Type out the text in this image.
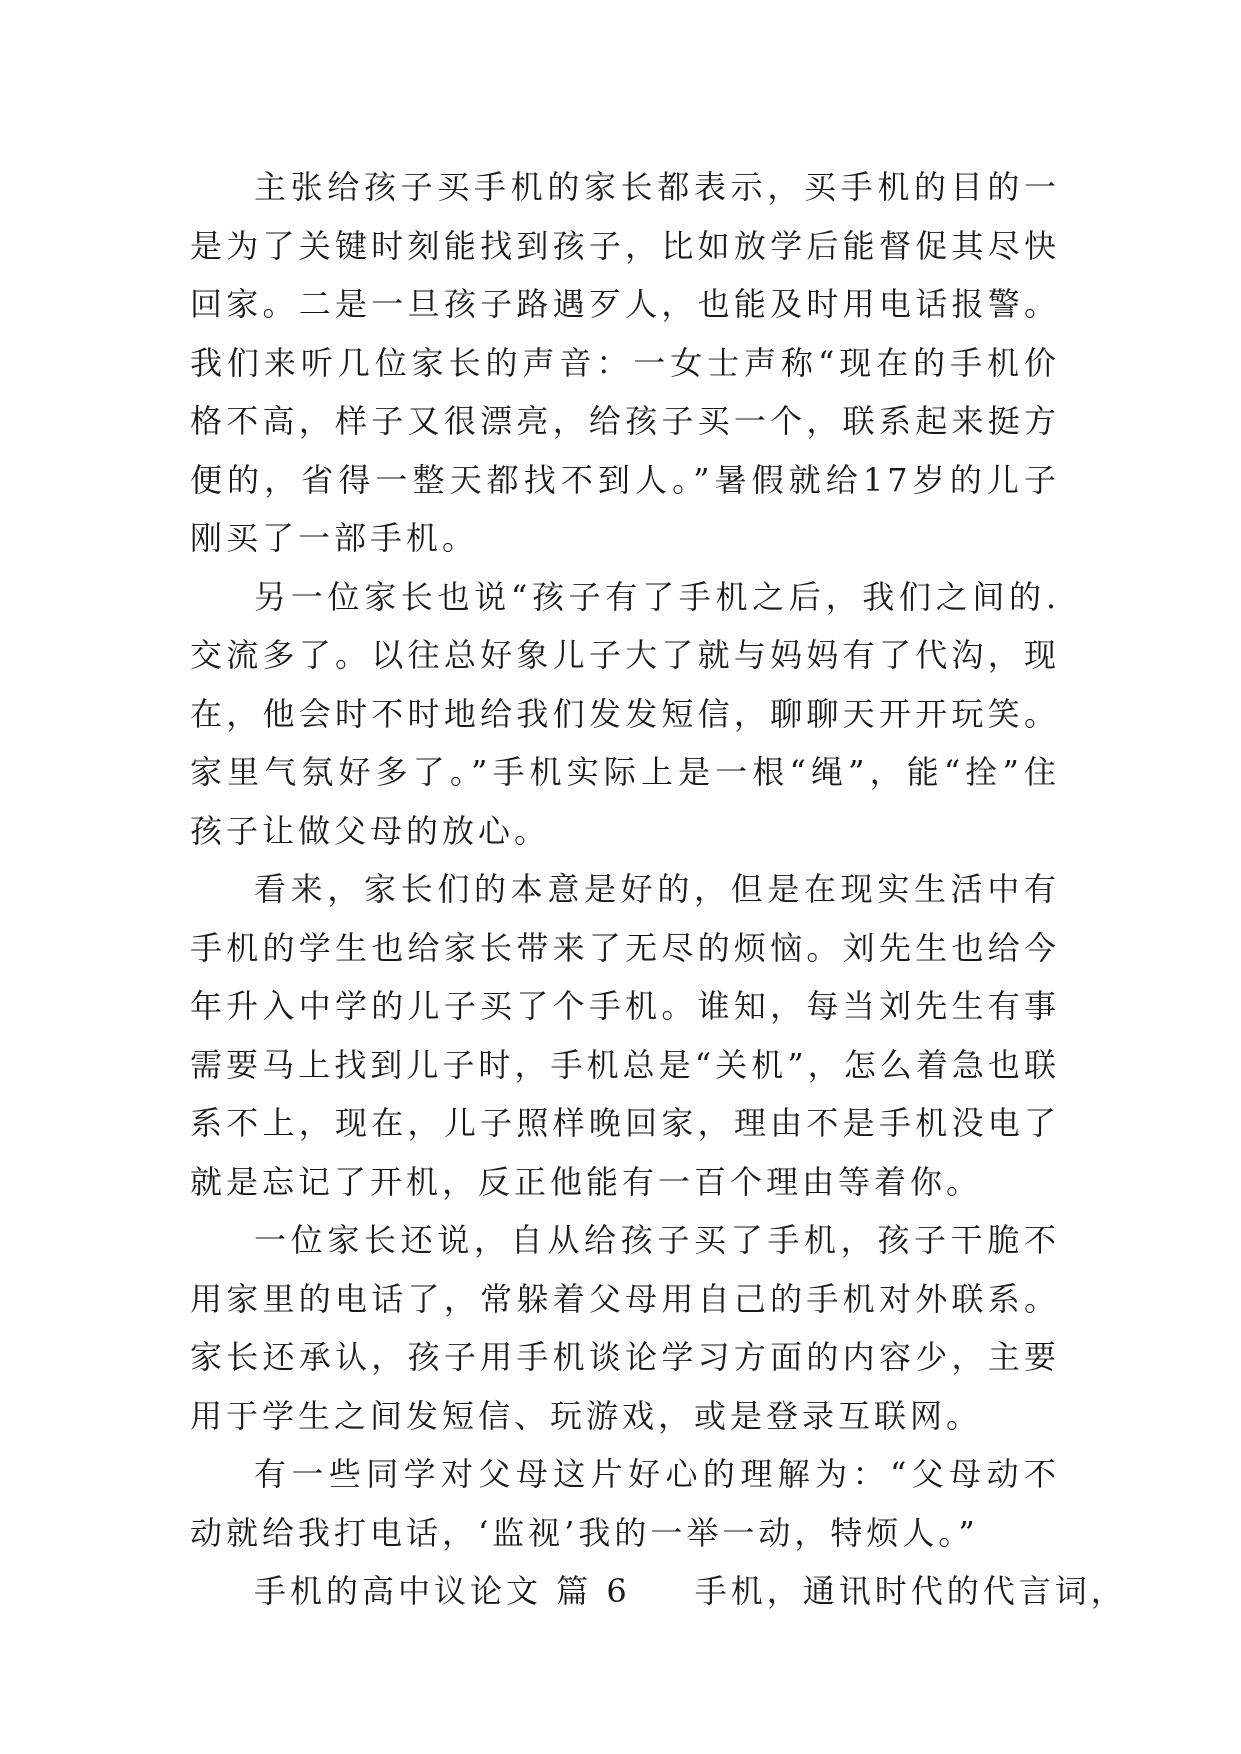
主张给孩子买手机的家长都表示，买手机的目的一是为了关键时刻能找到孩子，比如放学后能督促其尽快回家。二是一旦孩子路遇歹人，也能及时用电话报警。我们来听几位家长的声音：一女士声称“现在的手机价格不高，样子又很漂亮，给孩子买一个，联系起来挺方便的，省得一整天都找不到人。”暑假就给17岁的儿子刚买了一部手机。

另一位家长也说“孩子有了手机之后，我们之间的.交流多了。以往总好象儿子大了就与妈妈有了代沟，现在，他会时不时地给我们发发短信，聊聊天开开玩笑。家里气氛好多了。”手机实际上是一根“绳”，能“拴”住孩子让做父母的放心。

看来，家长们的本意是好的，但是在现实生活中有手机的学生也给家长带来了无尽的烦恼。刘先生也给今年升入中学的儿子买了个手机。谁知，每当刘先生有事需要马上找到儿子时，手机总是“关机”，怎么着急也联系不上，现在，儿子照样晚回家，理由不是手机没电了就是忘记了开机，反正他能有一百个理由等着你。

一位家长还说，自从给孩子买了手机，孩子干脆不用家里的电话了，常躲着父母用自己的手机对外联系。家长还承认，孩子用手机谈论学习方面的内容少，主要用于学生之间发短信、玩游戏，或是登录互联网。

有一些同学对父母这片好心的理解为：“父母动不动就给我打电话，‘监视’我的一举一动，特烦人。”

手机的高中议论文 篇 6 手机，通讯时代的代言词，
